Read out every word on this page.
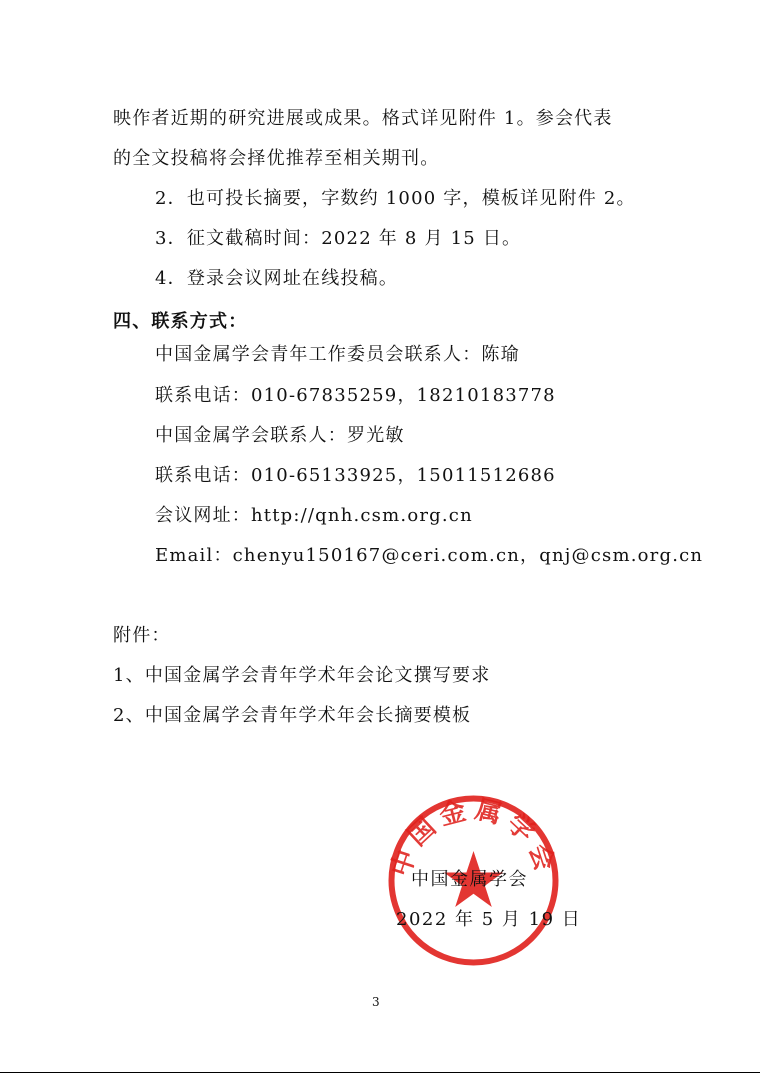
映作者近期的研究进展或成果。格式详见附件 1。参会代表
的全文投稿将会择优推荐至相关期刊。
2．也可投长摘要，字数约 1000 字，模板详见附件 2。
3．征文截稿时间：2022 年 8 月 15 日。
4．登录会议网址在线投稿。
四、联系方式：
中国金属学会青年工作委员会联系人：陈瑜
联系电话：010-67835259，18210183778
中国金属学会联系人：罗光敏
联系电话：010-65133925，15011512686
会议网址：http://qnh.csm.org.cn
Email：chenyu150167@ceri.com.cn，qnj@csm.org.cn
附件：
1、中国金属学会青年学术年会论文撰写要求
2、中国金属学会青年学术年会长摘要模板
中国金属学会
中国金属学会
2022 年 5 月 19 日
3
